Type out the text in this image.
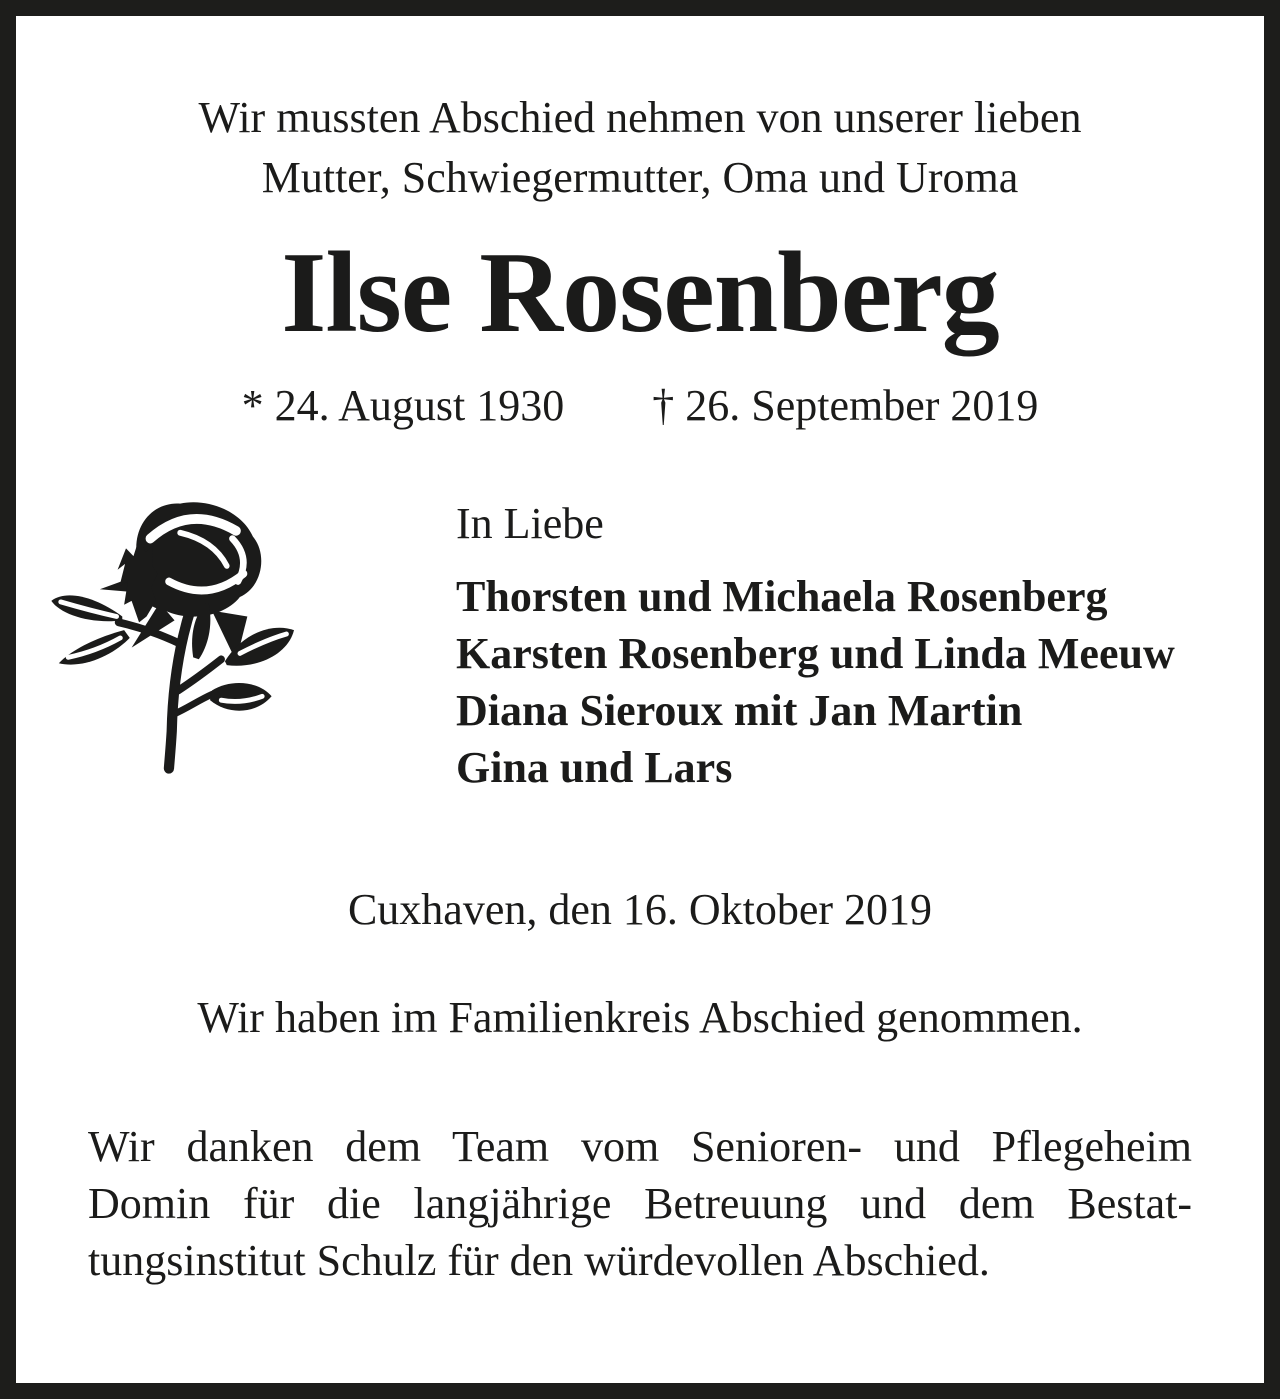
Wir mussten Abschied nehmen von unserer lieben
Mutter, Schwiegermutter, Oma und Uroma
Ilse Rosenberg
* 24. August 1930 † 26. September 2019
In Liebe
Thorsten und Michaela Rosenberg
Karsten Rosenberg und Linda Meeuw
Diana Sieroux mit Jan Martin
Gina und Lars
Cuxhaven, den 16. Oktober 2019
Wir haben im Familienkreis Abschied genommen.
Wir danken dem Team vom Senioren- und Pflegeheim
Domin für die langjährige Betreuung und dem Bestat-
tungsinstitut Schulz für den würdevollen Abschied.
